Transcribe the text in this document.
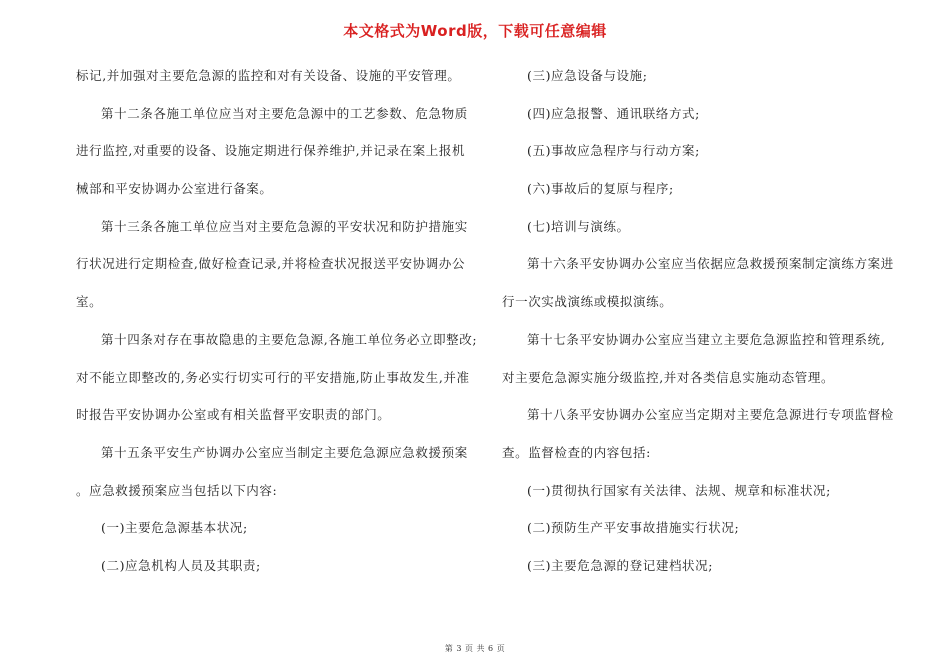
本文格式为Word版，下载可任意编辑
标记,并加强对主要危急源的监控和对有关设备、设施的平安管理。
第十二条各施工单位应当对主要危急源中的工艺参数、危急物质
进行监控,对重要的设备、设施定期进行保养维护,并记录在案上报机
械部和平安协调办公室进行备案。
第十三条各施工单位应当对主要危急源的平安状况和防护措施实
行状况进行定期检查,做好检查记录,并将检查状况报送平安协调办公
室。
第十四条对存在事故隐患的主要危急源,各施工单位务必立即整改;
对不能立即整改的,务必实行切实可行的平安措施,防止事故发生,并准
时报告平安协调办公室或有相关监督平安职责的部门。
第十五条平安生产协调办公室应当制定主要危急源应急救援预案
。应急救援预案应当包括以下内容:
(一)主要危急源基本状况;
(二)应急机构人员及其职责;
(三)应急设备与设施;
(四)应急报警、通讯联络方式;
(五)事故应急程序与行动方案;
(六)事故后的复原与程序;
(七)培训与演练。
第十六条平安协调办公室应当依据应急救援预案制定演练方案进
行一次实战演练或模拟演练。
第十七条平安协调办公室应当建立主要危急源监控和管理系统,
对主要危急源实施分级监控,并对各类信息实施动态管理。
第十八条平安协调办公室应当定期对主要危急源进行专项监督检
查。监督检查的内容包括:
(一)贯彻执行国家有关法律、法规、规章和标准状况;
(二)预防生产平安事故措施实行状况;
(三)主要危急源的登记建档状况;
第 3 页 共 6 页
